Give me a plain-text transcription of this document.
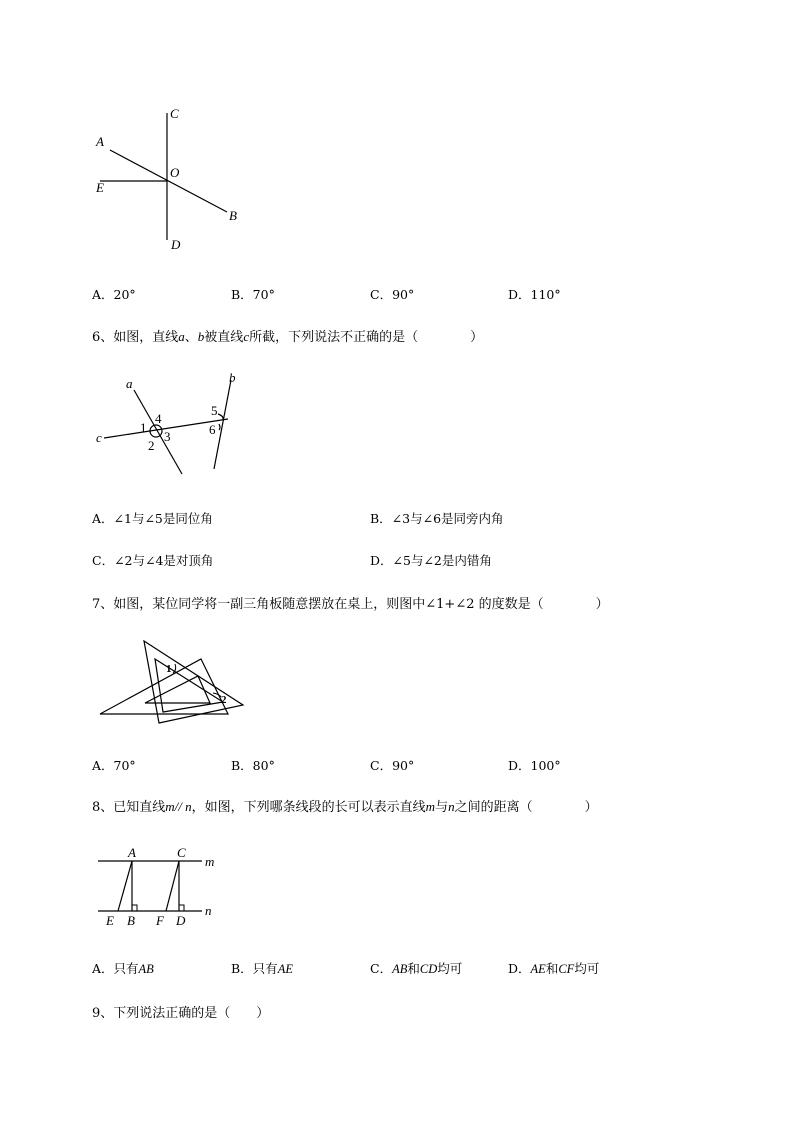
C
A
O
E
B
D
A．20°	B．70°	C．90°	D．110°
6、如图，直线a、b被直线c所截，下列说法不正确的是（　　　　）
a	b
c
1
2
3
4
5
6
A．∠1与∠5是同位角	B．∠3与∠6是同旁内角
C．∠2与∠4是对顶角	D．∠5与∠2是内错角
7、如图，某位同学将一副三角板随意摆放在桌上，则图中∠1+∠2 的度数是（　　　　）
1
2
A．70°	B．80°	C．90°	D．100°
8、已知直线m// n，如图，下列哪条线段的长可以表示直线m与n之间的距离（　　　　）
A	C
m
n
E B F D
A．只有AB	B．只有AE	C．AB和CD均可	D．AE和CF均可
9、下列说法正确的是（　　）
